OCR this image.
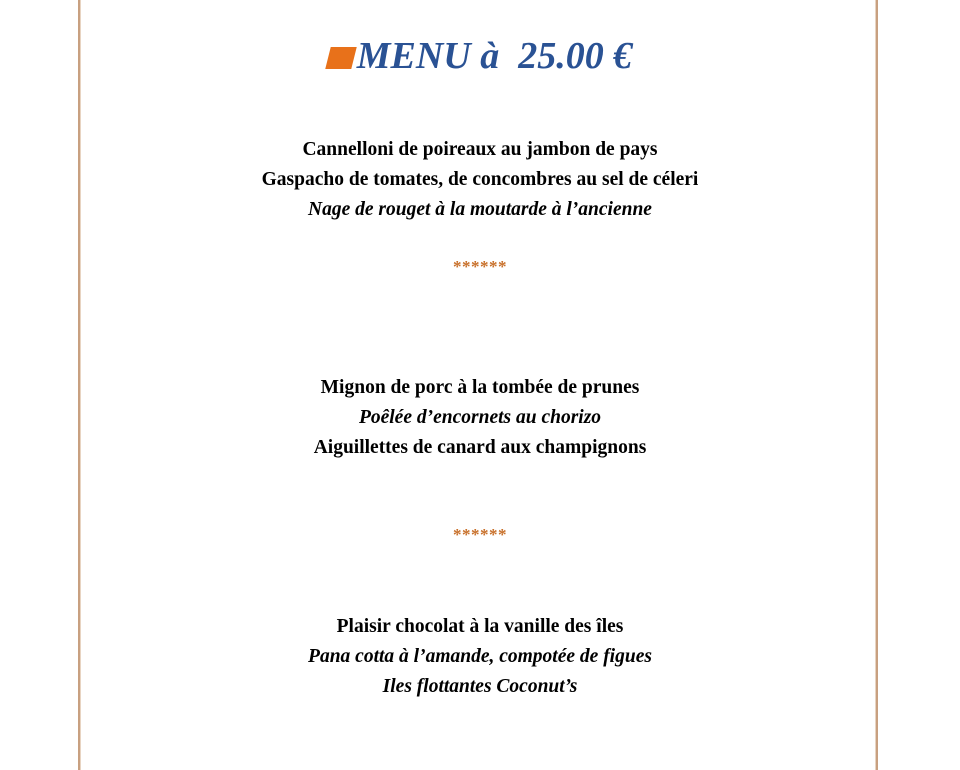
MENU à  25.00 €
Cannelloni de poireaux au jambon de pays
Gaspacho de tomates, de concombres au sel de céleri
Nage de rouget à la moutarde à l’ancienne
******
Mignon de porc à la tombée de prunes
Poêlée d’encornets au chorizo
Aiguillettes de canard aux champignons
******
Plaisir chocolat à la vanille des îles
Pana cotta à l’amande, compotée de figues
Iles flottantes Coconut’s
